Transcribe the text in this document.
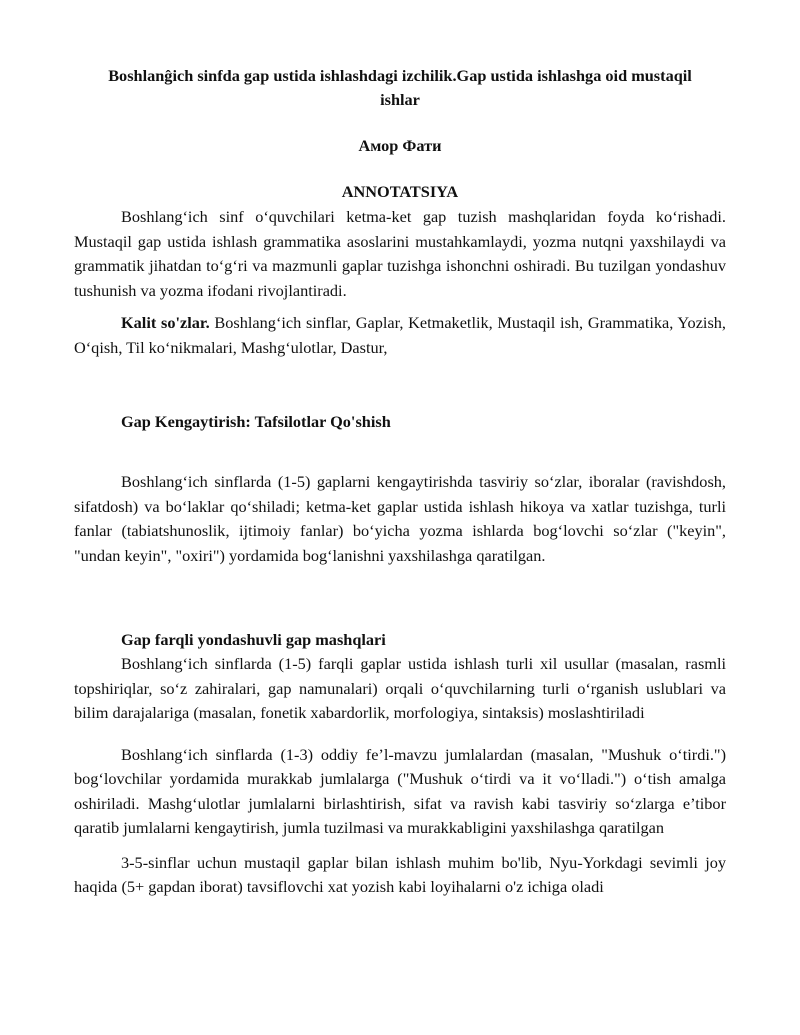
Boshlanĝich sinfda gap ustida ishlashdagi izchilik.Gap ustida ishlashga oid mustaqil ishlar
Амор Фати
ANNOTATSIYA

Boshlang‘ich sinf o‘quvchilari ketma-ket gap tuzish mashqlaridan foyda ko‘rishadi. Mustaqil gap ustida ishlash grammatika asoslarini mustahkamlaydi, yozma nutqni yaxshilaydi va grammatik jihatdan to‘g‘ri va mazmunli gaplar tuzishga ishonchni oshiradi. Bu tuzilgan yondashuv tushunish va yozma ifodani rivojlantiradi.

Kalit so'zlar. Boshlang‘ich sinflar, Gaplar, Ketmaketlik, Mustaqil ish, Grammatika, Yozish, O‘qish, Til ko‘nikmalari, Mashg‘ulotlar, Dastur,

Gap Kengaytirish: Tafsilotlar Qo'shish

Boshlang‘ich sinflarda (1-5) gaplarni kengaytirishda tasviriy so‘zlar, iboralar (ravishdosh, sifatdosh) va bo‘laklar qo‘shiladi; ketma-ket gaplar ustida ishlash hikoya va xatlar tuzishga, turli fanlar (tabiatshunoslik, ijtimoiy fanlar) bo‘yicha yozma ishlarda bog‘lovchi so‘zlar ("keyin", "undan keyin", "oxiri") yordamida bog‘lanishni yaxshilashga qaratilgan.

Gap farqli yondashuvli gap mashqlari

Boshlang‘ich sinflarda (1-5) farqli gaplar ustida ishlash turli xil usullar (masalan, rasmli topshiriqlar, so‘z zahiralari, gap namunalari) orqali o‘quvchilarning turli o‘rganish uslublari va bilim darajalariga (masalan, fonetik xabardorlik, morfologiya, sintaksis) moslashtiriladi

Boshlang‘ich sinflarda (1-3) oddiy fe’l-mavzu jumlalardan (masalan, "Mushuk o‘tirdi.") bog‘lovchilar yordamida murakkab jumlalarga ("Mushuk o‘tirdi va it vo‘lladi.") o‘tish amalga oshiriladi. Mashg‘ulotlar jumlalarni birlashtirish, sifat va ravish kabi tasviriy so‘zlarga e’tibor qaratib jumlalarni kengaytirish, jumla tuzilmasi va murakkabligini yaxshilashga qaratilgan

3-5-sinflar uchun mustaqil gaplar bilan ishlash muhim bo'lib, Nyu-Yorkdagi sevimli joy haqida (5+ gapdan iborat) tavsiflovchi xat yozish kabi loyihalarni o'z ichiga oladi
